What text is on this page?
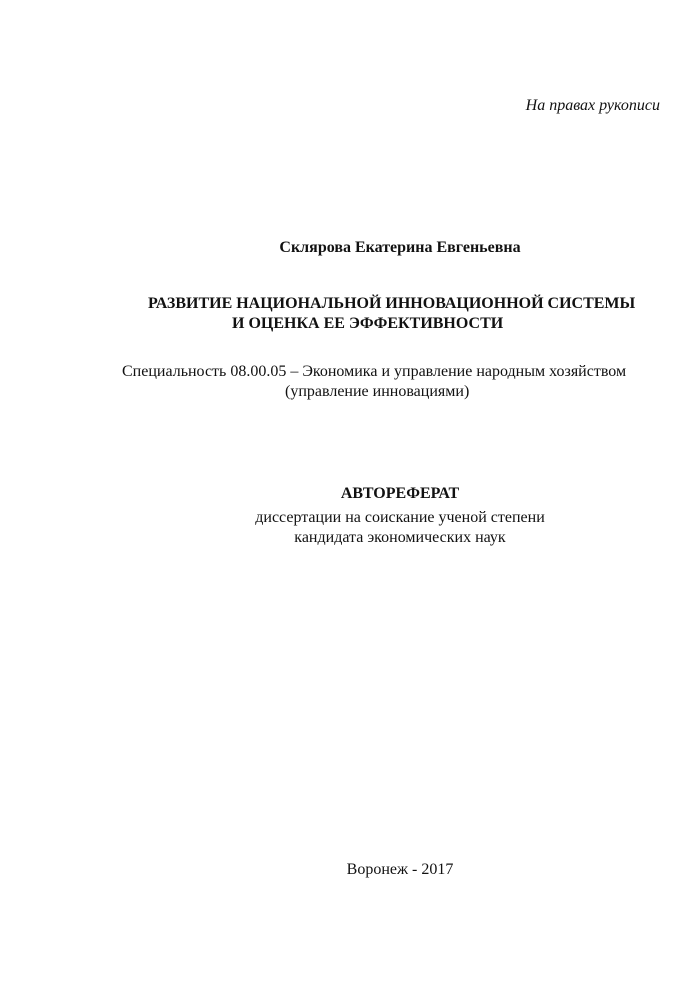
На правах рукописи
Склярова Екатерина Евгеньевна
РАЗВИТИЕ НАЦИОНАЛЬНОЙ ИННОВАЦИОННОЙ СИСТЕМЫ
И ОЦЕНКА ЕЕ ЭФФЕКТИВНОСТИ
Специальность 08.00.05 – Экономика и управление народным хозяйством
(управление инновациями)
АВТОРЕФЕРАТ
диссертации на соискание ученой степени
кандидата экономических наук
Воронеж - 2017
